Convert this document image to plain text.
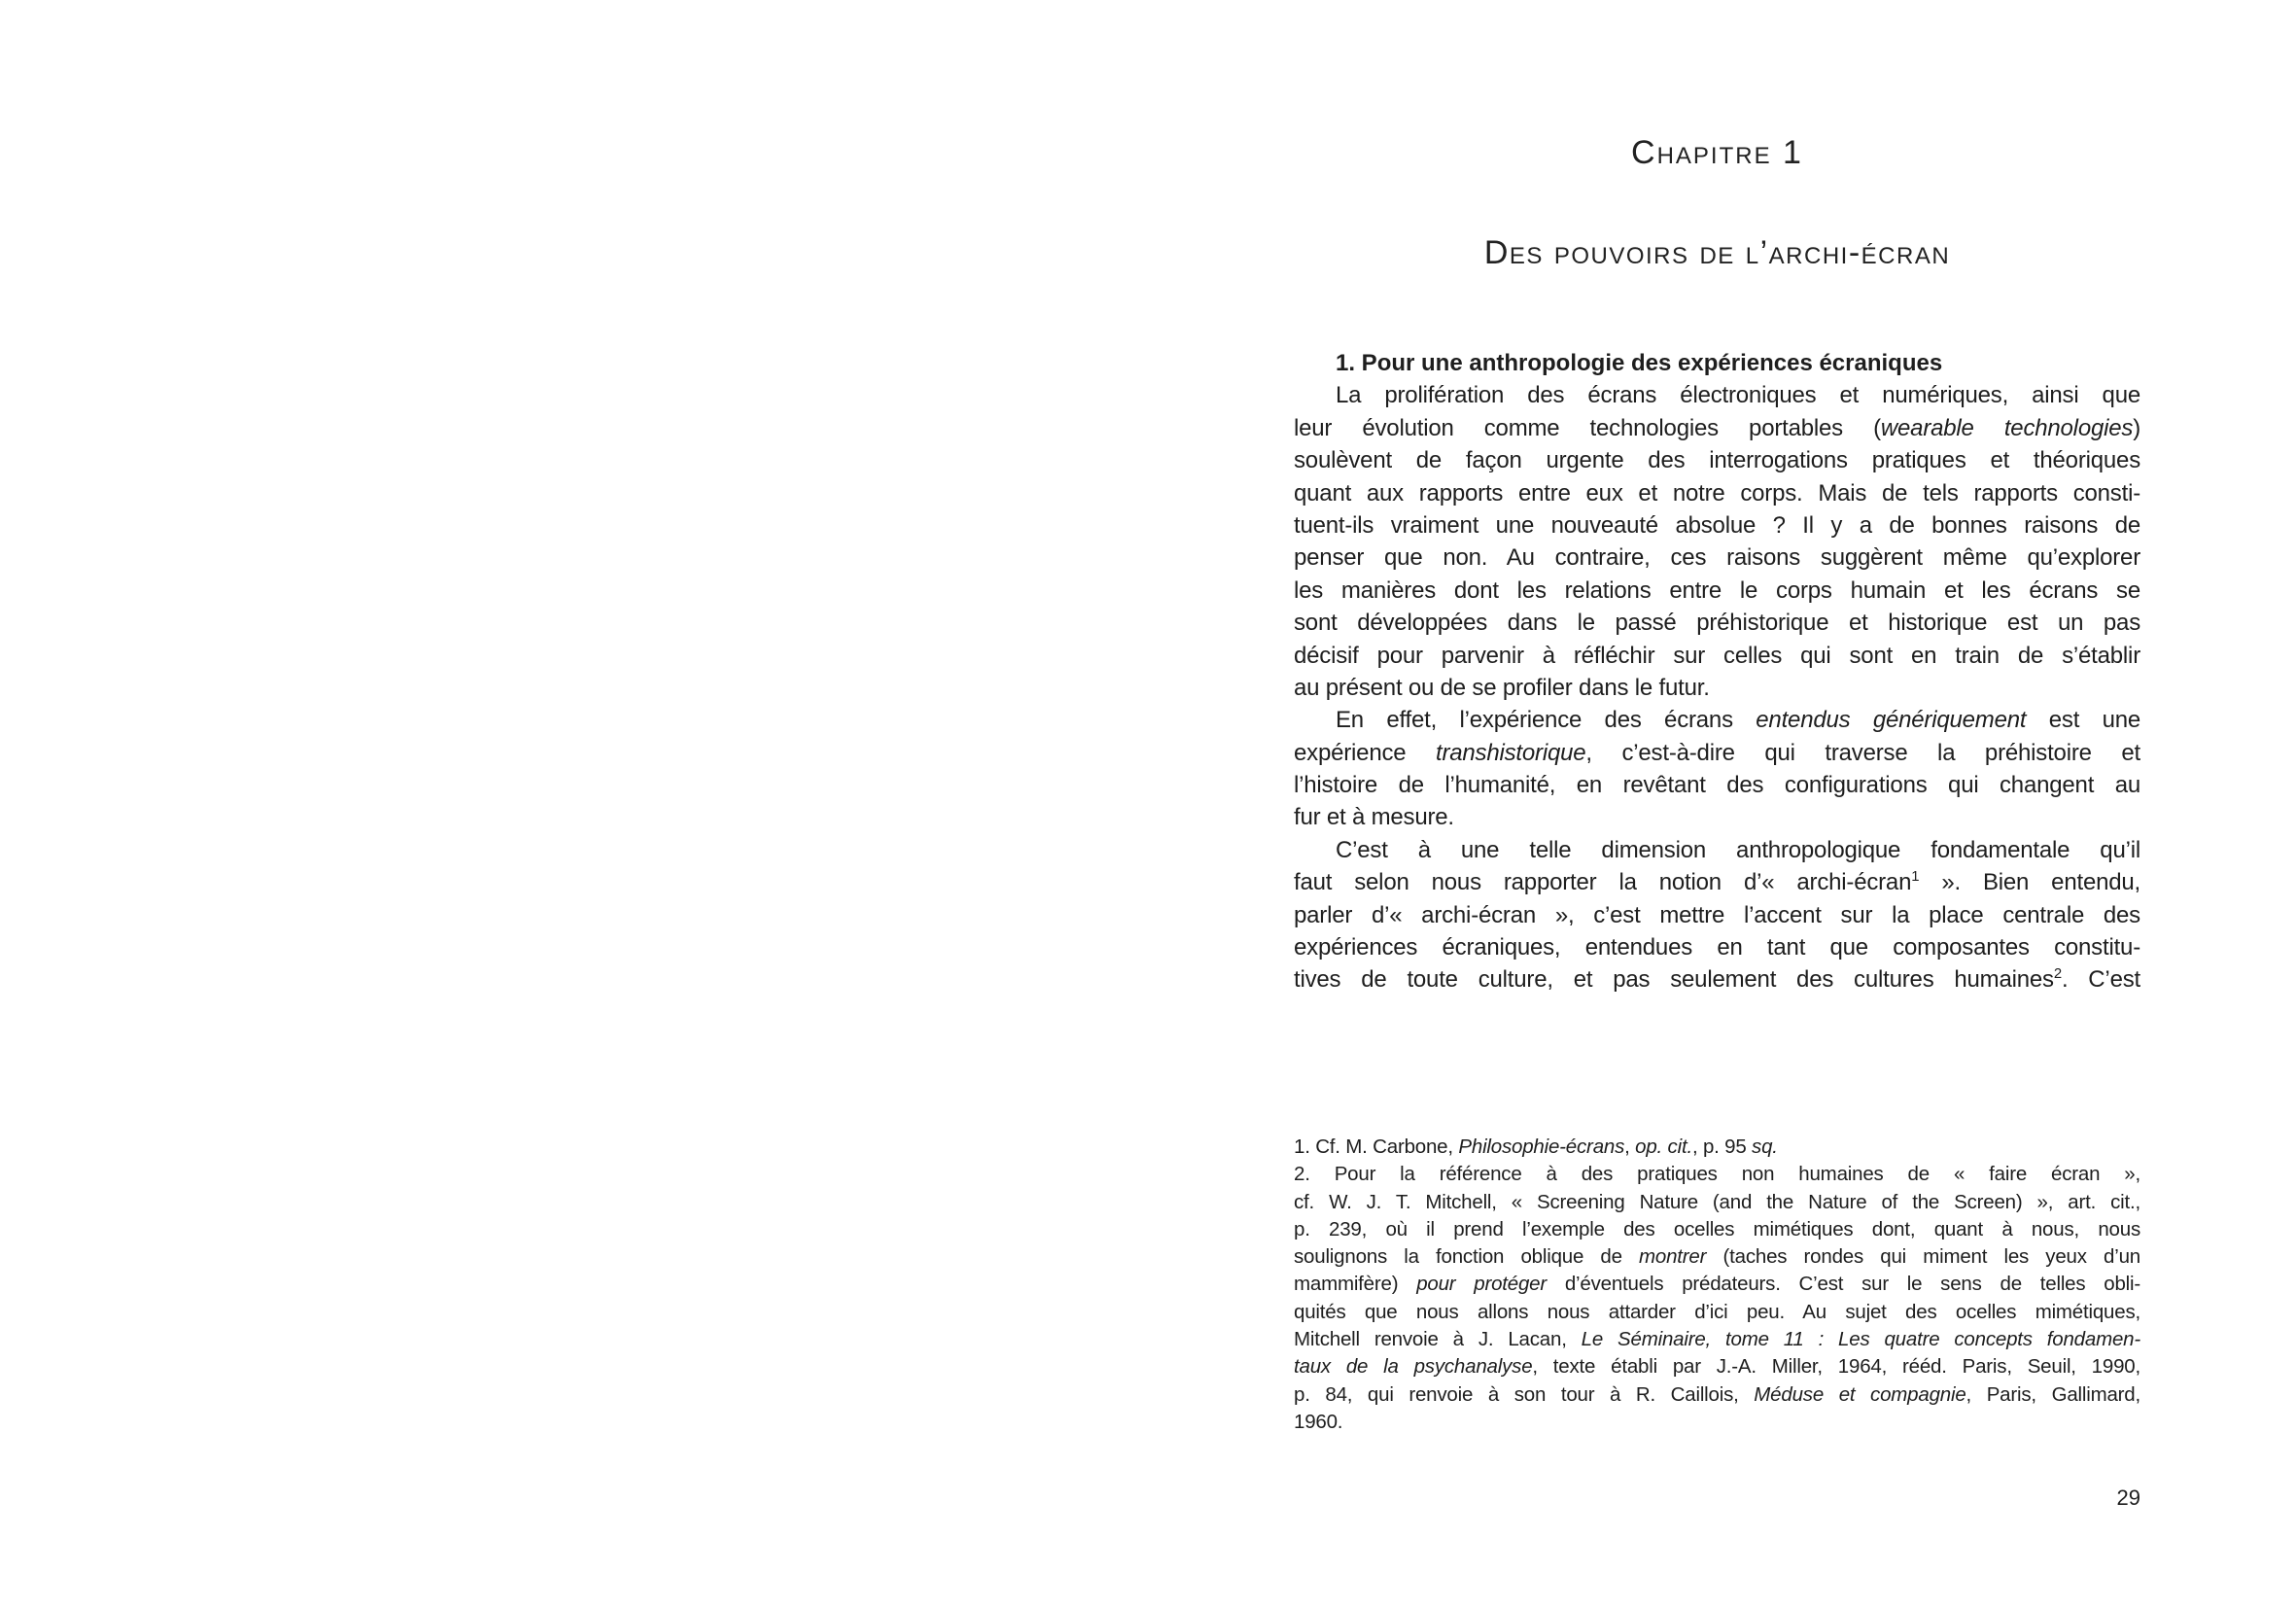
Chapitre 1
Des pouvoirs de l’archi-écran
1. Pour une anthropologie des expériences écraniques
La prolifération des écrans électroniques et numériques, ainsi que
leur évolution comme technologies portables (wearable technologies)
soulèvent de façon urgente des interrogations pratiques et théoriques
quant aux rapports entre eux et notre corps. Mais de tels rapports consti-
tuent-ils vraiment une nouveauté absolue ? Il y a de bonnes raisons de
penser que non. Au contraire, ces raisons suggèrent même qu’explorer
les manières dont les relations entre le corps humain et les écrans se
sont développées dans le passé préhistorique et historique est un pas
décisif pour parvenir à réfléchir sur celles qui sont en train de s’établir
au présent ou de se profiler dans le futur.
En effet, l’expérience des écrans entendus génériquement est une
expérience transhistorique, c’est-à-dire qui traverse la préhistoire et
l’histoire de l’humanité, en revêtant des configurations qui changent au
fur et à mesure.
C’est à une telle dimension anthropologique fondamentale qu’il
faut selon nous rapporter la notion d’« archi-écran$^1$ ». Bien entendu,
parler d’« archi-écran », c’est mettre l’accent sur la place centrale des
expériences écraniques, entendues en tant que composantes constitu-
tives de toute culture, et pas seulement des cultures humaines$^2$. C’est
1. Cf. M. Carbone, Philosophie-écrans, op. cit., p. 95 sq.
2. Pour la référence à des pratiques non humaines de « faire écran »,
cf. W. J. T. Mitchell, « Screening Nature (and the Nature of the Screen) », art. cit.,
p. 239, où il prend l’exemple des ocelles mimétiques dont, quant à nous, nous
soulignons la fonction oblique de montrer (taches rondes qui miment les yeux d’un
mammifère) pour protéger d’éventuels prédateurs. C’est sur le sens de telles obli-
quités que nous allons nous attarder d’ici peu. Au sujet des ocelles mimétiques,
Mitchell renvoie à J. Lacan, Le Séminaire, tome 11 : Les quatre concepts fondamen-
taux de la psychanalyse, texte établi par J.-A. Miller, 1964, rééd. Paris, Seuil, 1990,
p. 84, qui renvoie à son tour à R. Caillois, Méduse et compagnie, Paris, Gallimard,
1960.
29
